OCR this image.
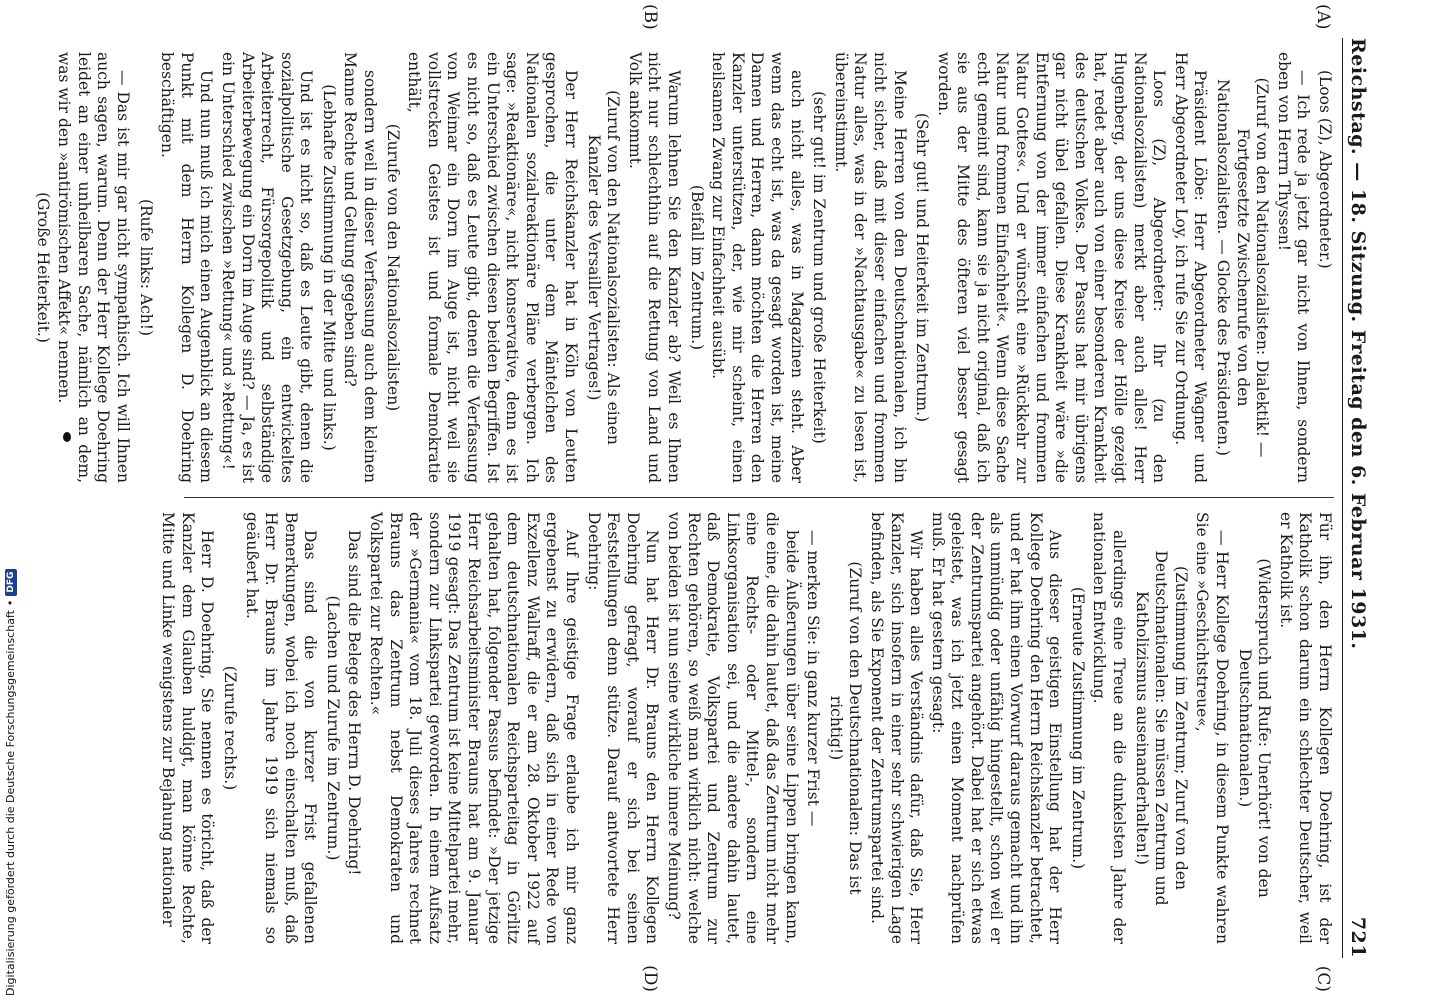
Reichstag. — 18. Sitzung. Freitag den 6. Februar 1931.
721
(A)
(B)

(Loos (Z), Abgeordneter.)

— Ich rede ja jetzt gar nicht von Ihnen, sondern eben von Herrn Thyssen!

(Zuruf von den Nationalsozialisten: Dialektik! — Fortgesetzte Zwischenrufe von den Nationalsozialisten. — Glocke des Präsidenten.)

Präsident Löbe: Herr Abgeordneter Wagner und Herr Abgeordneter Loy, ich rufe Sie zur Ordnung.

Loos (Z), Abgeordneter: Ihr (zu den Nationalsozialisten) merkt aber auch alles! Herr Hugenberg, der uns diese Kreise der Hölle gezeigt hat, redet aber auch von einer besonderen Krankheit des deutschen Volkes. Der Passus hat mir übrigens gar nicht übel gefallen. Diese Krankheit wäre »die Entfernung von der immer einfachen und frommen Natur Gottes«. Und er wünscht eine »Rückkehr zur Natur und frommen Einfachheit«. Wenn diese Sache echt gemeint sind, kann sie ja nicht original, daß ich sie aus der Mitte des öfteren viel besser gesagt worden.

(Sehr gut! und Heiterkeit im Zentrum.)

Meine Herren von den Deutschnationalen, ich bin nicht sicher, daß mit dieser einfachen und frommen Natur alles, was in der »Nachtausgabe« zu lesen ist, übereinstimmt.

(sehr gut! im Zentrum und große Heiterkeit)

auch nicht alles, was in Magazinen steht. Aber wenn das echt ist, was da gesagt worden ist, meine Damen und Herren, dann möchten die Herren den Kanzler unterstützen, der, wie mir scheint, einen heilsamen Zwang zur Einfachheit ausübt.

(Beifall im Zentrum.)

Warum lehnen Sie den Kanzler ab? Weil es Ihnen nicht nur schlechthin auf die Rettung von Land und Volk ankommt.

(Zuruf von den Nationalsozialisten: Als einen Kanzler des Versailler Vertrages!)

Der Herr Reichskanzler hat in Köln von Leuten gesprochen, die unter dem Mäntelchen des Nationalen sozialreaktionäre Pläne verbergen. Ich sage: »Reaktionäre«, nicht konservative, denn es ist ein Unterschied zwischen diesen beiden Begriffen. Ist es nicht so, daß es Leute gibt, denen die Verfassung von Weimar ein Dorn im Auge ist, nicht weil sie vollstrecken Geistes ist und formale Demokratie enthält,

(Zurufe von den Nationalsozialisten)

sondern weil in dieser Verfassung auch dem kleinen Manne Rechte und Geltung gegeben sind?

(Lebhafte Zustimmung in der Mitte und links.)

Und ist es nicht so, daß es Leute gibt, denen die sozialpolitische Gesetzgebung, ein entwickeltes Arbeiterrecht, Fürsorgepolitik und selbständige Arbeiterbewegung ein Dorn im Auge sind? — Ja, es ist ein Unterschied zwischen »Rettung« und »Rettung«!

Und nun muß ich mich einen Augenblick an diesem Punkt mit dem Herrn Kollegen D. Doehring beschäftigen.

(Rufe links: Ach!)

— Das ist mir gar nicht sympathisch. Ich will Ihnen auch sagen, warum. Denn der Herr Kollege Doehring leidet an einer unheilbaren Sache, nämlich an dem, was wir den »antirömischen Affekt« nennen.

(Große Heiterkeit.)

(C)
(D)

Für ihn, den Herrn Kollegen Doehring, ist der Katholik schon darum ein schlechter Deutscher, weil er Katholik ist.

(Widerspruch und Rufe: Unerhört! von den Deutschnationalen.)

— Herr Kollege Doehring, in diesem Punkte wahren Sie eine »Geschichtstreue«,

(Zustimmung im Zentrum; Zuruf von den Deutschnationalen: Sie müssen Zentrum und Katholizismus auseinanderhalten!)

allerdings eine Treue an die dunkelsten Jahre der nationalen Entwicklung.

(Erneute Zustimmung im Zentrum.)

Aus dieser geistigen Einstellung hat der Herr Kollege Doehring den Herrn Reichskanzler betrachtet, und er hat ihm einen Vorwurf daraus gemacht und ihn als unmündig oder unfähig hingestellt, schon weil er der Zentrumspartei angehört. Dabei hat er sich etwas geleistet, was ich jetzt einen Moment nachprüfen muß. Er hat gestern gesagt:

Wir haben alles Verständnis dafür, daß Sie, Herr Kanzler, sich insofern in einer sehr schwierigen Lage befinden, als Sie Exponent der Zentrumspartei sind.

(Zuruf von den Deutschnationalen: Das ist richtig!)

— merken Sie: in ganz kurzer Frist —

beide Äußerungen über seine Lippen bringen kann, die eine, die dahin lautet, daß das Zentrum nicht mehr eine Rechts- oder Mittel-, sondern eine Linksorganisation sei, und die andere dahin lautet, daß Demokratie, Volkspartei und Zentrum zur Rechten gehören, so weiß man wirklich nicht: welche von beiden ist nun seine wirkliche innere Meinung?

Nun hat Herr Dr. Brauns den Herrn Kollegen Doehring gefragt, worauf er sich bei seinen Feststellungen denn stütze. Darauf antwortete Herr Doehring:

Auf Ihre geistige Frage erlaube ich mir ganz ergebenst zu erwidern, daß sich in einer Rede von Exzellenz Wallraff, die er am 28. Oktober 1922 auf dem deutschnationalen Reichsparteitag in Görlitz gehalten hat, folgender Passus befindet: »Der jetzige Herr Reichsarbeitsminister Brauns hat am 9. Januar 1919 gesagt: Das Zentrum ist keine Mittelpartei mehr, sondern zur Linkspartei geworden. In einem Aufsatz der »Germania« vom 18. Juli dieses Jahres rechnet Brauns das Zentrum nebst Demokraten und Volkspartei zur Rechten.«

Das sind die Belege des Herrn D. Doehring!

(Lachen und Zurufe im Zentrum.)

Das sind die von kurzer Frist gefallenen Bemerkungen, wobei ich noch einschalten muß, daß Herr Dr. Brauns im Jahre 1919 sich niemals so geäußert hat.

(Zurufe rechts.)

Herr D. Doehring, Sie nennen es töricht, daß der Kanzler dem Glauben huldigt, man könne Rechte, Mitte und Linke wenigstens zur Bejahung nationaler

Digitalisierung gefördert durch die Deutsche Forschungsgemeinschaft
•
DFG
